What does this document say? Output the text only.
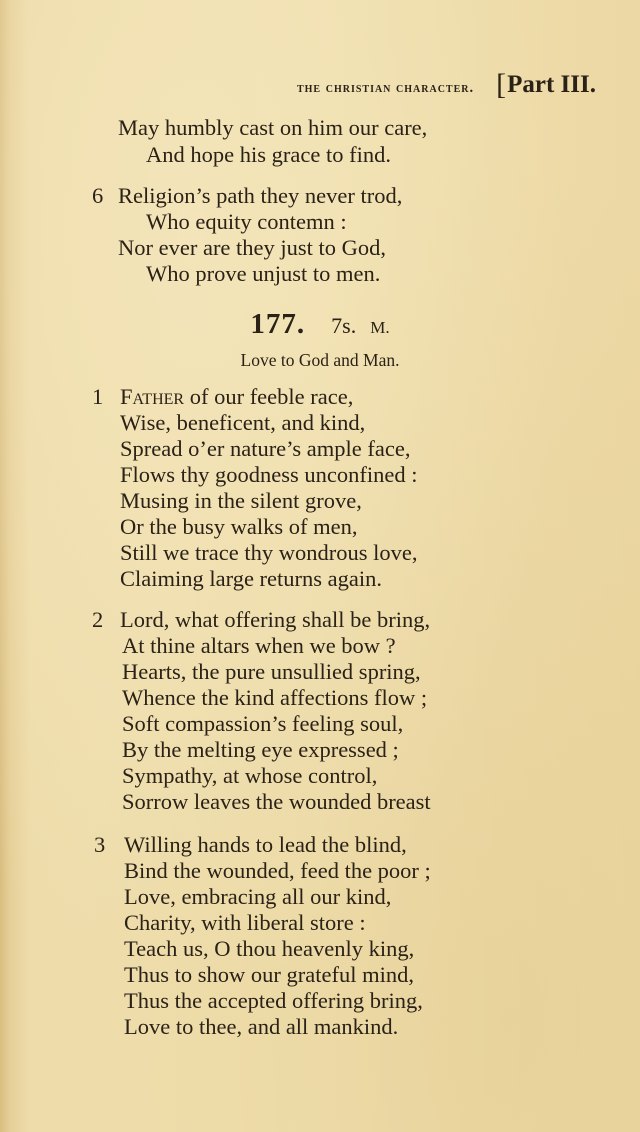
the christian character. [Part III.
May humbly cast on him our care,
And hope his grace to find.
6 Religion’s path they never trod,
Who equity contemn :
Nor ever are they just to God,
Who prove unjust to men.
177. 7s. M.
Love to God and Man.
1 Father of our feeble race,
Wise, beneficent, and kind,
Spread o’er nature’s ample face,
Flows thy goodness unconfined :
Musing in the silent grove,
Or the busy walks of men,
Still we trace thy wondrous love,
Claiming large returns again.
2 Lord, what offering shall be bring,
At thine altars when we bow ?
Hearts, the pure unsullied spring,
Whence the kind affections flow ;
Soft compassion’s feeling soul,
By the melting eye expressed ;
Sympathy, at whose control,
Sorrow leaves the wounded breast
3 Willing hands to lead the blind,
Bind the wounded, feed the poor ;
Love, embracing all our kind,
Charity, with liberal store :
Teach us, O thou heavenly king,
Thus to show our grateful mind,
Thus the accepted offering bring,
Love to thee, and all mankind.
